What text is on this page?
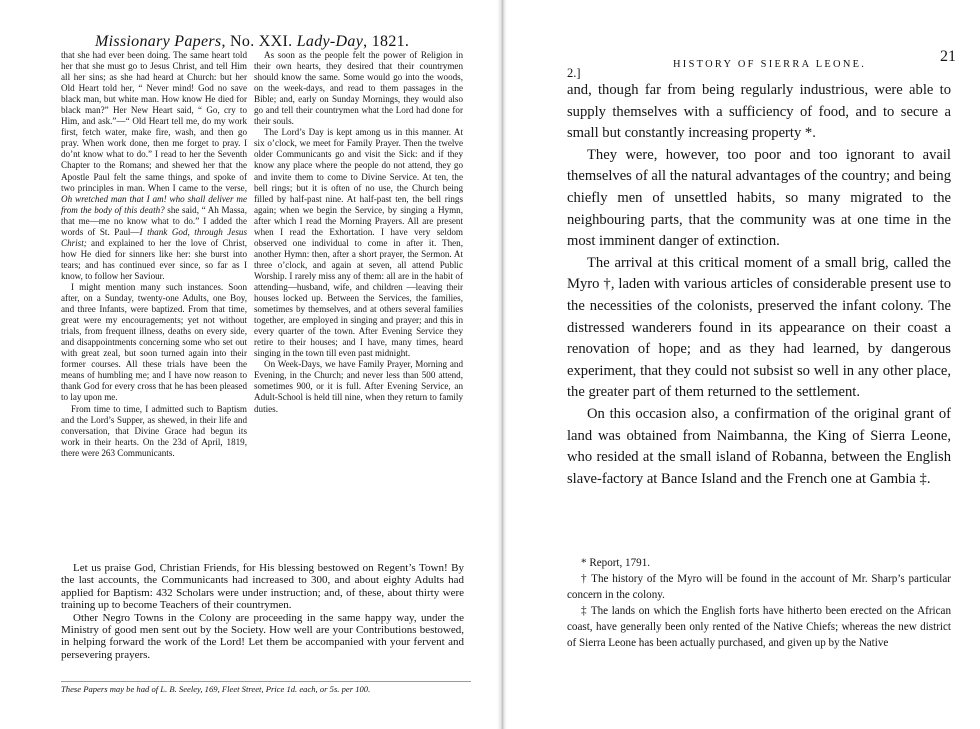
Missionary Papers, No. XXI. Lady-Day, 1821.

that she had ever been doing. The same heart told her that she must go to Jesus Christ, and tell Him all her sins; as she had heard at Church: but her Old Heart told her, “ Never mind! God no save black man, but white man. How know He died for black man?” Her New Heart said, “ Go, cry to Him, and ask.”—“ Old Heart tell me, do my work first, fetch water, make fire, wash, and then go pray. When work done, then me forget to pray. I do’nt know what to do.” I read to her the Seventh Chapter to the Romans; and shewed her that the Apostle Paul felt the same things, and spoke of two principles in man. When I came to the verse, Oh wretched man that I am! who shall deliver me from the body of this death? she said, “ Ah Massa, that me—me no know what to do.” I added the words of St. Paul—I thank God, through Jesus Christ; and explained to her the love of Christ, how He died for sinners like her: she burst into tears; and has continued ever since, so far as I know, to follow her Saviour.

I might mention many such instances. Soon after, on a Sunday, twenty-one Adults, one Boy, and three Infants, were baptized. From that time, great were my encouragements; yet not without trials, from frequent illness, deaths on every side, and disappointments concerning some who set out with great zeal, but soon turned again into their former courses. All these trials have been the means of humbling me; and I have now reason to thank God for every cross that he has been pleased to lay upon me.

From time to time, I admitted such to Baptism and the Lord’s Supper, as shewed, in their life and conversation, that Divine Grace had begun its work in their hearts. On the 23d of April, 1819, there were 263 Communicants.

As soon as the people felt the power of Religion in their own hearts, they desired that their countrymen should know the same. Some would go into the woods, on the week-days, and read to them passages in the Bible; and, early on Sunday Mornings, they would also go and tell their countrymen what the Lord had done for their souls.

The Lord’s Day is kept among us in this manner. At six o’clock, we meet for Family Prayer. Then the twelve older Communicants go and visit the Sick: and if they know any place where the people do not attend, they go and invite them to come to Divine Service. At ten, the bell rings; but it is often of no use, the Church being filled by half-past nine. At half-past ten, the bell rings again; when we begin the Service, by singing a Hymn, after which I read the Morning Prayers. All are present when I read the Exhortation. I have very seldom observed one individual to come in after it. Then, another Hymn: then, after a short prayer, the Sermon. At three o’clock, and again at seven, all attend Public Worship. I rarely miss any of them: all are in the habit of attending—husband, wife, and children —leaving their houses locked up. Between the Services, the families, sometimes by themselves, and at others several families together, are employed in singing and prayer; and this in every quarter of the town. After Evening Service they retire to their houses; and I have, many times, heard singing in the town till even past midnight.

On Week-Days, we have Family Prayer, Morning and Evening, in the Church; and never less than 500 attend, sometimes 900, or it is full. After Evening Service, an Adult-School is held till nine, when they return to family duties.

Let us praise God, Christian Friends, for His blessing bestowed on Regent’s Town! By the last accounts, the Communicants had increased to 300, and about eighty Adults had applied for Baptism: 432 Scholars were under instruction; and, of these, about thirty were training up to become Teachers of their countrymen.

Other Negro Towns in the Colony are proceeding in the same happy way, under the Ministry of good men sent out by the Society. How well are your Contributions bestowed, in helping forward the work of the Lord! Let them be accompanied with your fervent and persevering prayers.

These Papers may be had of L. B. Seeley, 169, Fleet Street, Price 1d. each, or 5s. per 100.
2.]
HISTORY OF SIERRA LEONE.	21

and, though far from being regularly industrious, were able to supply themselves with a sufficiency of food, and to secure a small but constantly increasing property *.

They were, however, too poor and too ignorant to avail themselves of all the natural advantages of the country; and being chiefly men of unsettled habits, so many migrated to the neighbouring parts, that the community was at one time in the most imminent danger of extinction.

The arrival at this critical moment of a small brig, called the Myro †, laden with various articles of considerable present use to the necessities of the colonists, preserved the infant colony. The distressed wanderers found in its appearance on their coast a renovation of hope; and as they had learned, by dangerous experiment, that they could not subsist so well in any other place, the greater part of them returned to the settlement.

On this occasion also, a confirmation of the original grant of land was obtained from Naimbanna, the King of Sierra Leone, who resided at the small island of Robanna, between the English slave-factory at Bance Island and the French one at Gambia ‡.

* Report, 1791.

† The history of the Myro will be found in the account of Mr. Sharp’s particular concern in the colony.

‡ The lands on which the English forts have hitherto been erected on the African coast, have generally been only rented of the Native Chiefs; whereas the new district of Sierra Leone has been actually purchased, and given up by the Native
